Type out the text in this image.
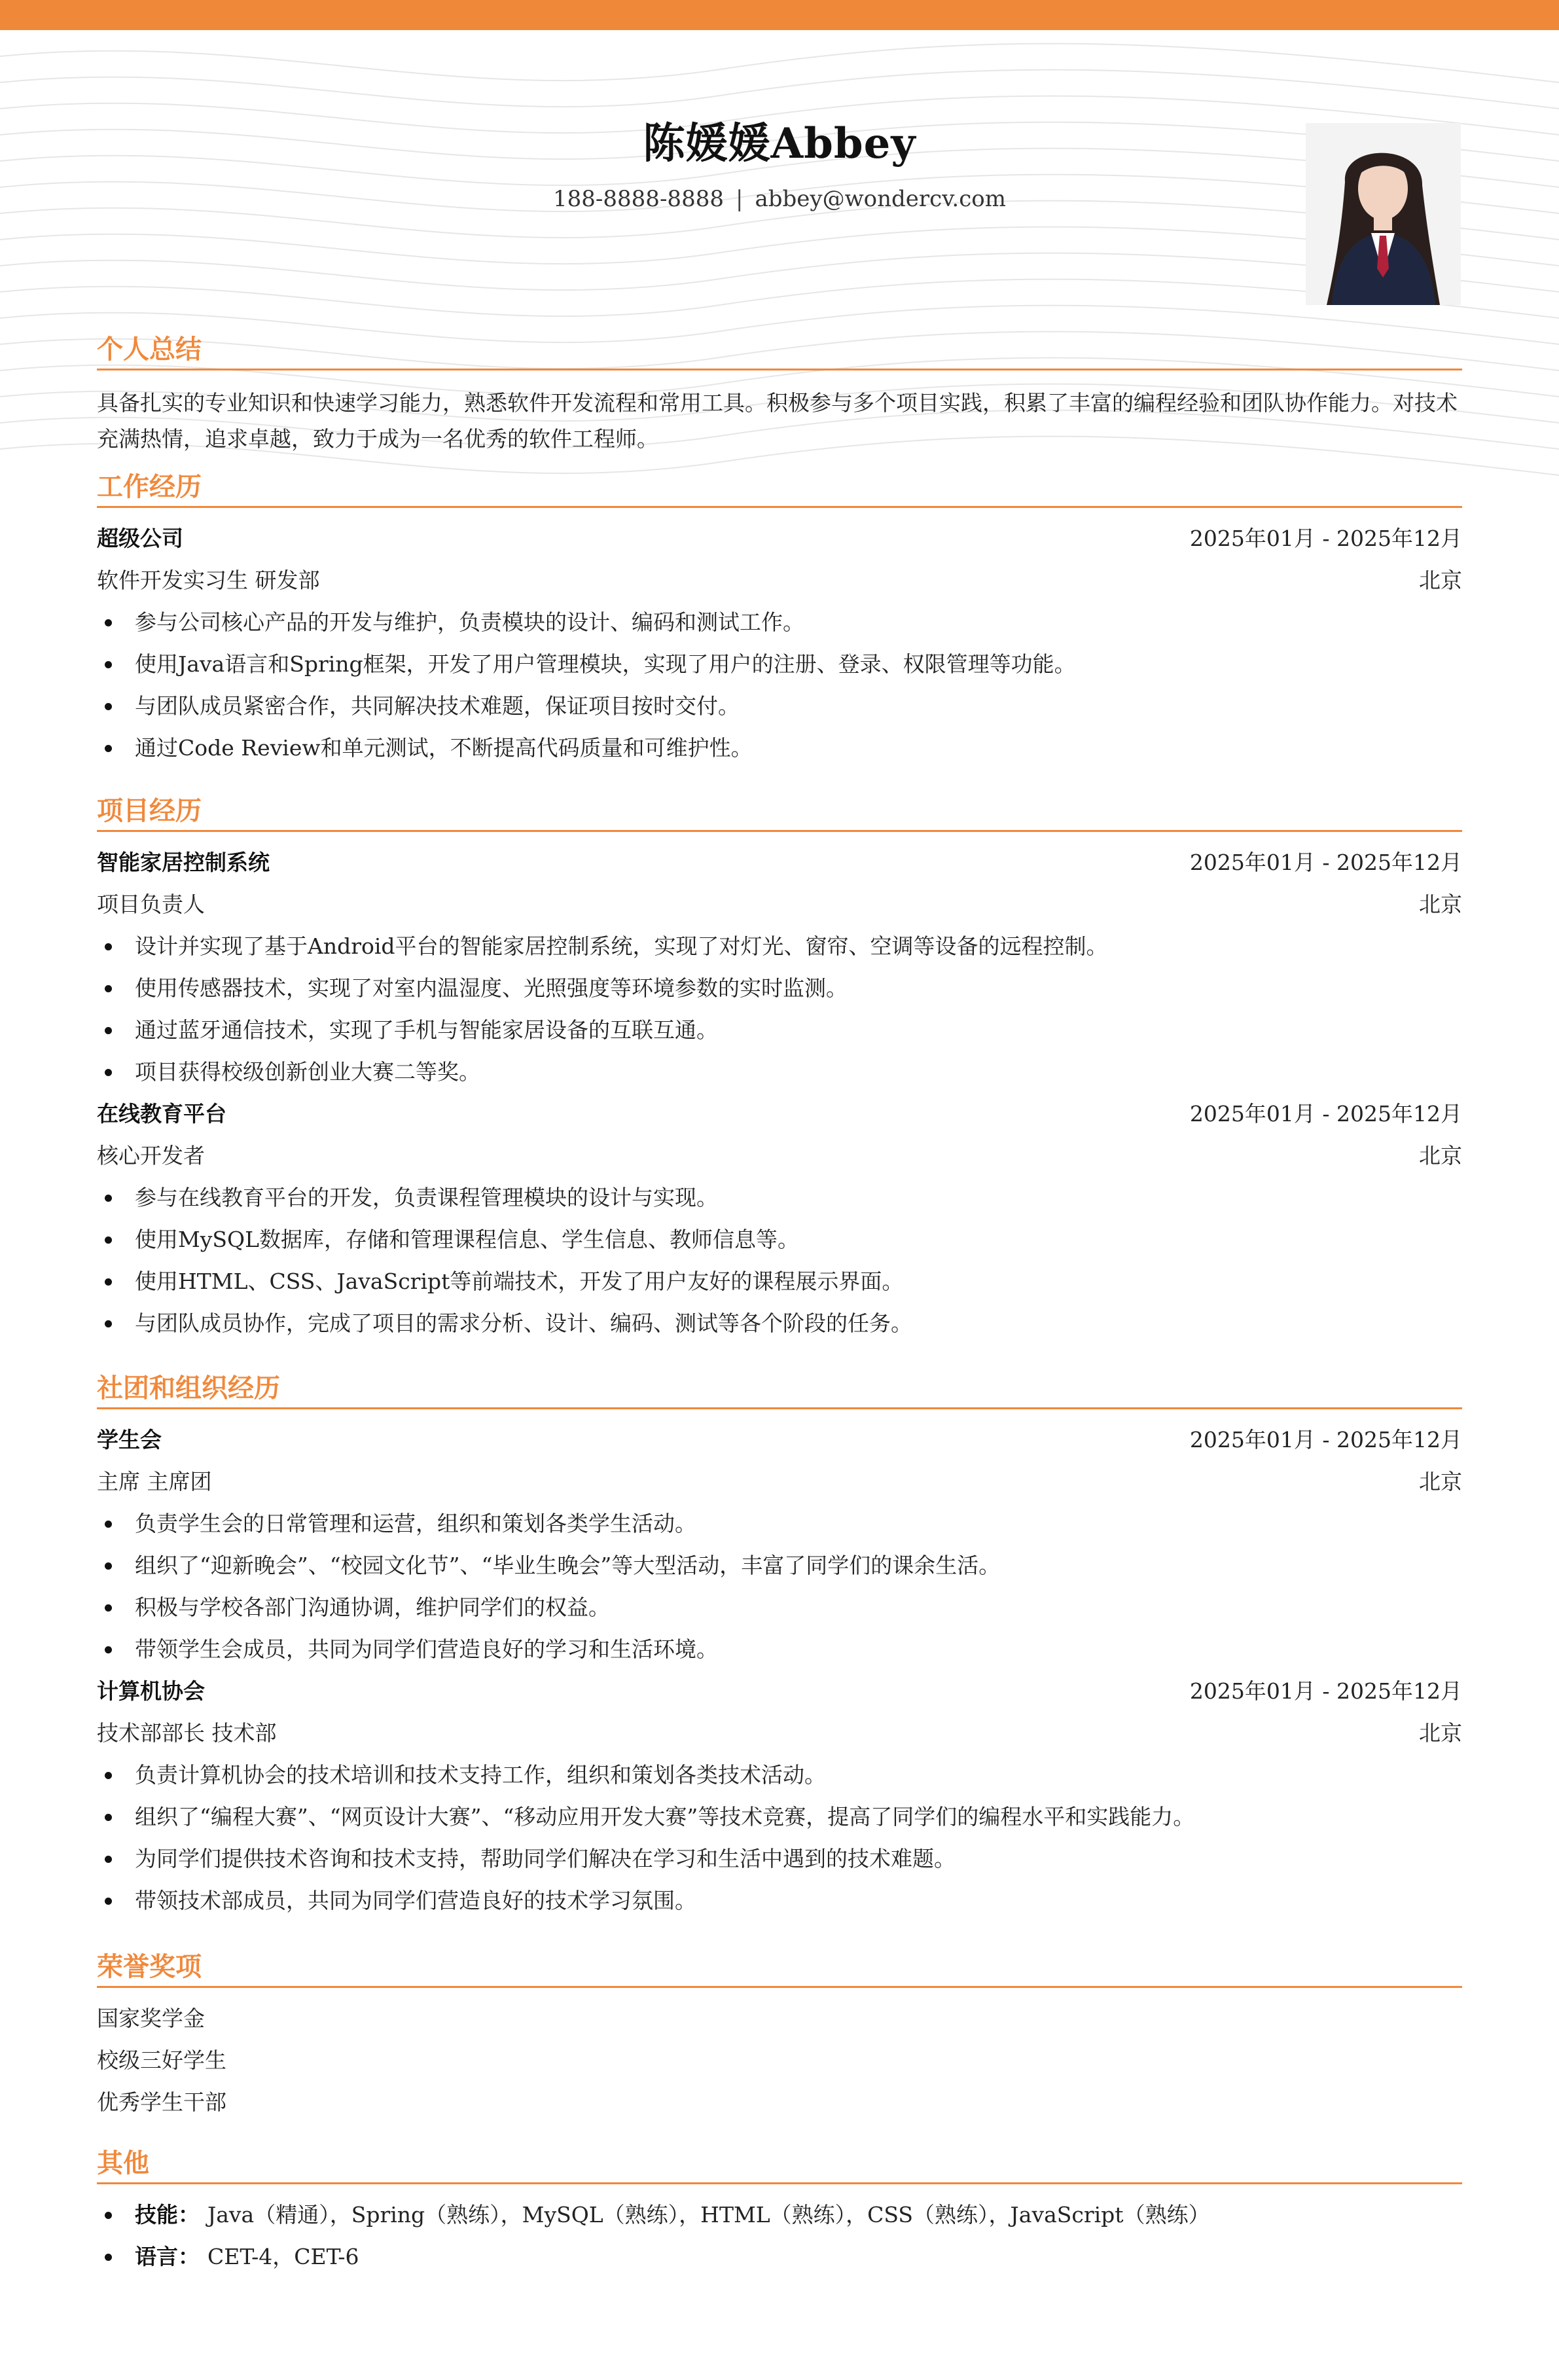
陈媛媛Abbey
188-8888-8888 | abbey@wondercv.com
个人总结
具备扎实的专业知识和快速学习能力，熟悉软件开发流程和常用工具。积极参与多个项目实践，积累了丰富的编程经验和团队协作能力。对技术充满热情，追求卓越，致力于成为一名优秀的软件工程师。
工作经历
超级公司	2025年01月 - 2025年12月
软件开发实习生 研发部	北京
参与公司核心产品的开发与维护，负责模块的设计、编码和测试工作。
使用Java语言和Spring框架，开发了用户管理模块，实现了用户的注册、登录、权限管理等功能。
与团队成员紧密合作，共同解决技术难题，保证项目按时交付。
通过Code Review和单元测试，不断提高代码质量和可维护性。
项目经历
智能家居控制系统	2025年01月 - 2025年12月
项目负责人	北京
设计并实现了基于Android平台的智能家居控制系统，实现了对灯光、窗帘、空调等设备的远程控制。
使用传感器技术，实现了对室内温湿度、光照强度等环境参数的实时监测。
通过蓝牙通信技术，实现了手机与智能家居设备的互联互通。
项目获得校级创新创业大赛二等奖。
在线教育平台	2025年01月 - 2025年12月
核心开发者	北京
参与在线教育平台的开发，负责课程管理模块的设计与实现。
使用MySQL数据库，存储和管理课程信息、学生信息、教师信息等。
使用HTML、CSS、JavaScript等前端技术，开发了用户友好的课程展示界面。
与团队成员协作，完成了项目的需求分析、设计、编码、测试等各个阶段的任务。
社团和组织经历
学生会	2025年01月 - 2025年12月
主席 主席团	北京
负责学生会的日常管理和运营，组织和策划各类学生活动。
组织了“迎新晚会”、“校园文化节”、“毕业生晚会”等大型活动，丰富了同学们的课余生活。
积极与学校各部门沟通协调，维护同学们的权益。
带领学生会成员，共同为同学们营造良好的学习和生活环境。
计算机协会	2025年01月 - 2025年12月
技术部部长 技术部	北京
负责计算机协会的技术培训和技术支持工作，组织和策划各类技术活动。
组织了“编程大赛”、“网页设计大赛”、“移动应用开发大赛”等技术竞赛，提高了同学们的编程水平和实践能力。
为同学们提供技术咨询和技术支持，帮助同学们解决在学习和生活中遇到的技术难题。
带领技术部成员，共同为同学们营造良好的技术学习氛围。
荣誉奖项
国家奖学金
校级三好学生
优秀学生干部
其他
技能： Java（精通），Spring（熟练），MySQL（熟练），HTML（熟练），CSS（熟练），JavaScript（熟练）
语言： CET-4，CET-6
